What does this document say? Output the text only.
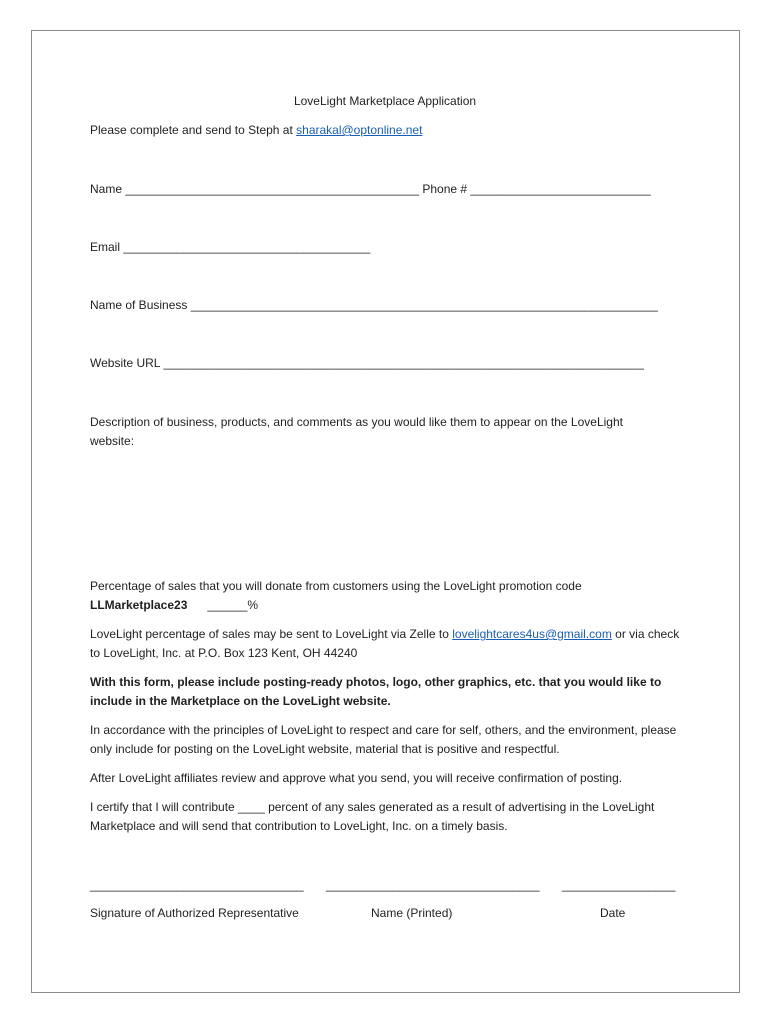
LoveLight Marketplace Application
Please complete and send to Steph at sharakal@optonline.net
Name ____________________________________________ Phone # ___________________________
Email _____________________________________
Name of Business ______________________________________________________________________
Website URL ________________________________________________________________________
Description of business, products, and comments as you would like them to appear on the LoveLight website:
Percentage of sales that you will donate from customers using the LoveLight promotion code
LLMarketplace23 ______%
LoveLight percentage of sales may be sent to LoveLight via Zelle to lovelightcares4us@gmail.com or via check to LoveLight, Inc. at P.O. Box 123 Kent, OH 44240
With this form, please include posting-ready photos, logo, other graphics, etc. that you would like to include in the Marketplace on the LoveLight website.
In accordance with the principles of LoveLight to respect and care for self, others, and the environment, please only include for posting on the LoveLight website, material that is positive and respectful.
After LoveLight affiliates review and approve what you send, you will receive confirmation of posting.
I certify that I will contribute ____ percent of any sales generated as a result of advertising in the LoveLight Marketplace and will send that contribution to LoveLight, Inc. on a timely basis.
________________________________ ________________________________ _________________
Signature of Authorized Representative	Name (Printed)	Date
